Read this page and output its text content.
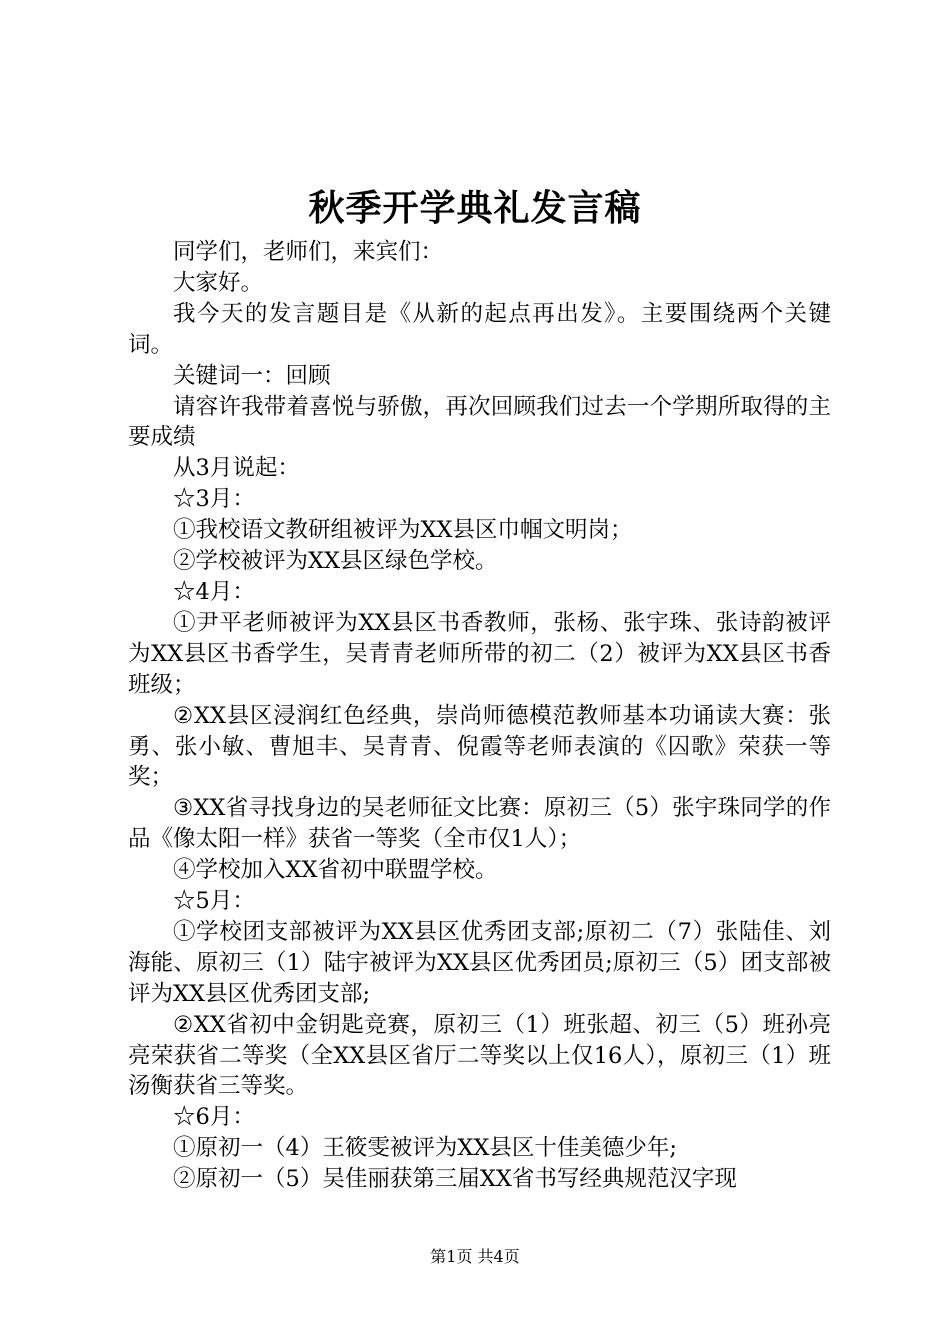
秋季开学典礼发言稿

同学们，老师们，来宾们：

大家好。

我今天的发言题目是《从新的起点再出发》。主要围绕两个关键词。

关键词一：回顾

请容许我带着喜悦与骄傲，再次回顾我们过去一个学期所取得的主要成绩

从3月说起：

☆3月：

①我校语文教研组被评为XX县区巾帼文明岗；

②学校被评为XX县区绿色学校。

☆4月：

①尹平老师被评为XX县区书香教师，张杨、张宇珠、张诗韵被评为XX县区书香学生，吴青青老师所带的初二（2）被评为XX县区书香班级；

②XX县区浸润红色经典，崇尚师德模范教师基本功诵读大赛：张勇、张小敏、曹旭丰、吴青青、倪霞等老师表演的《囚歌》荣获一等奖；

③XX省寻找身边的吴老师征文比赛：原初三（5）张宇珠同学的作品《像太阳一样》获省一等奖（全市仅1人）；

④学校加入XX省初中联盟学校。

☆5月：

①学校团支部被评为XX县区优秀团支部;原初二（7）张陆佳、刘海能、原初三（1）陆宇被评为XX县区优秀团员;原初三（5）团支部被评为XX县区优秀团支部;

②XX省初中金钥匙竞赛，原初三（1）班张超、初三（5）班孙亮亮荣获省二等奖（全XX县区省厅二等奖以上仅16人），原初三（1）班汤衡获省三等奖。

☆6月：

①原初一（4）王筱雯被评为XX县区十佳美德少年;

②原初一（5）吴佳丽获第三届XX省书写经典规范汉字现

第1页 共4页
